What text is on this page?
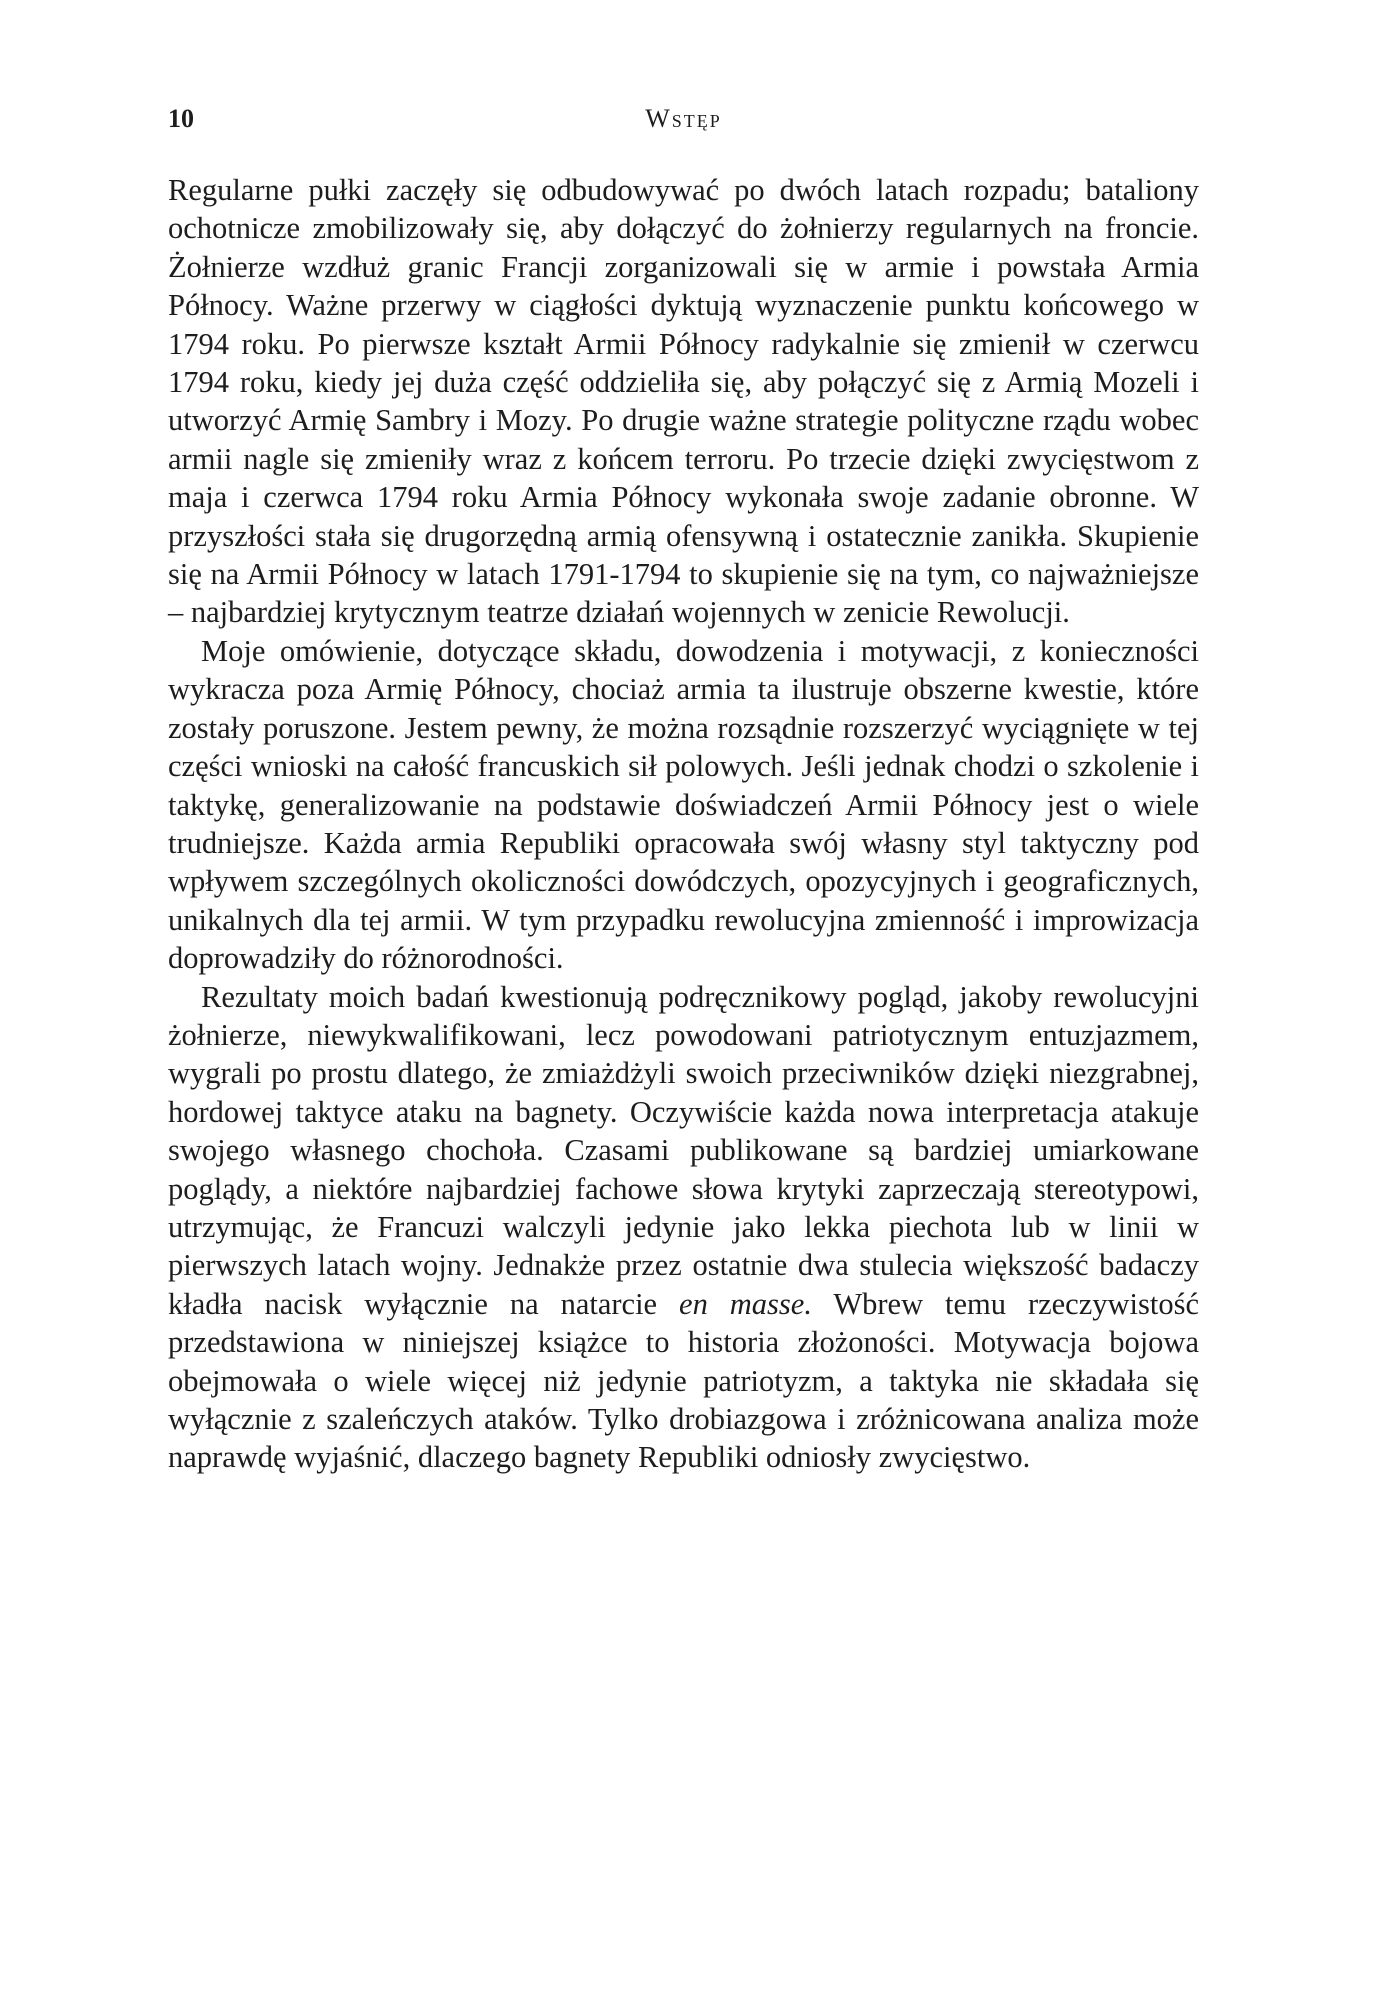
10	Wstęp

Regularne pułki zaczęły się odbudowywać po dwóch latach rozpadu; bataliony ochotnicze zmobilizowały się, aby dołączyć do żołnierzy regularnych na froncie. Żołnierze wzdłuż granic Francji zorganizowali się w armie i powstała Armia Północy. Ważne przerwy w ciągłości dyktują wyznaczenie punktu końcowego w 1794 roku. Po pierwsze kształt Armii Północy radykalnie się zmienił w czerwcu 1794 roku, kiedy jej duża część oddzieliła się, aby połączyć się z Armią Mozeli i utworzyć Armię Sambry i Mozy. Po drugie ważne strategie polityczne rządu wobec armii nagle się zmieniły wraz z końcem terroru. Po trzecie dzięki zwycięstwom z maja i czerwca 1794 roku Armia Północy wykonała swoje zadanie obronne. W przyszłości stała się drugorzędną armią ofensywną i ostatecznie zanikła. Skupienie się na Armii Północy w latach 1791-1794 to skupienie się na tym, co najważniejsze – najbardziej krytycznym teatrze działań wojennych w zenicie Rewolucji.

Moje omówienie, dotyczące składu, dowodzenia i motywacji, z konieczności wykracza poza Armię Północy, chociaż armia ta ilustruje obszerne kwestie, które zostały poruszone. Jestem pewny, że można rozsądnie rozszerzyć wyciągnięte w tej części wnioski na całość francuskich sił polowych. Jeśli jednak chodzi o szkolenie i taktykę, generalizowanie na podstawie doświadczeń Armii Północy jest o wiele trudniejsze. Każda armia Republiki opracowała swój własny styl taktyczny pod wpływem szczególnych okoliczności dowódczych, opozycyjnych i geograficznych, unikalnych dla tej armii. W tym przypadku rewolucyjna zmienność i improwizacja doprowadziły do różnorodności.

Rezultaty moich badań kwestionują podręcznikowy pogląd, jakoby rewolucyjni żołnierze, niewykwalifikowani, lecz powodowani patriotycznym entuzjazmem, wygrali po prostu dlatego, że zmiażdżyli swoich przeciwników dzięki niezgrabnej, hordowej taktyce ataku na bagnety. Oczywiście każda nowa interpretacja atakuje swojego własnego chochoła. Czasami publikowane są bardziej umiarkowane poglądy, a niektóre najbardziej fachowe słowa krytyki zaprzeczają stereotypowi, utrzymując, że Francuzi walczyli jedynie jako lekka piechota lub w linii w pierwszych latach wojny. Jednakże przez ostatnie dwa stulecia większość badaczy kładła nacisk wyłącznie na natarcie en masse. Wbrew temu rzeczywistość przedstawiona w niniejszej książce to historia złożoności. Motywacja bojowa obejmowała o wiele więcej niż jedynie patriotyzm, a taktyka nie składała się wyłącznie z szaleńczych ataków. Tylko drobiazgowa i zróżnicowana analiza może naprawdę wyjaśnić, dlaczego bagnety Republiki odniosły zwycięstwo.
